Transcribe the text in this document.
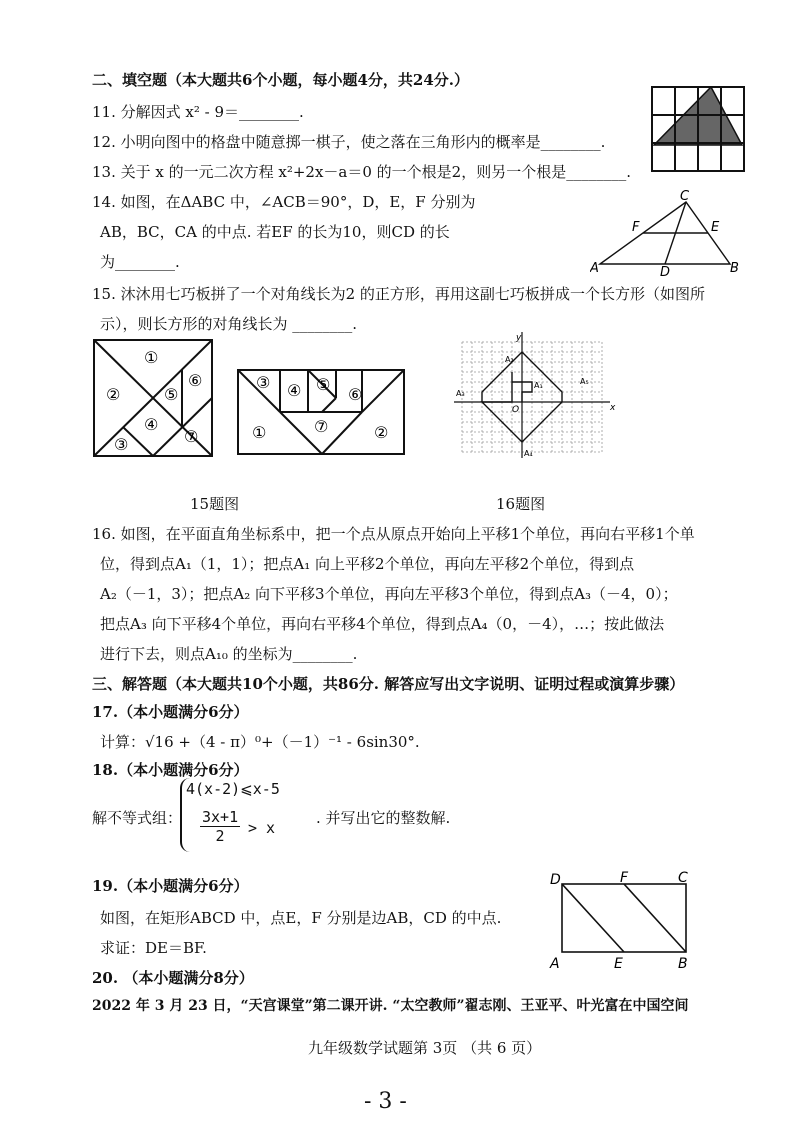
二、填空题（本大题共6个小题，每小题4分，共24分.）
11. 分解因式 x² - 9＝________.
12. 小明向图中的格盘中随意掷一棋子，使之落在三角形内的概率是________.
13. 关于 x 的一元二次方程 x²+2x－a＝0 的一个根是2，则另一个根是________.
14. 如图，在ΔABC 中，∠ACB＝90°，D，E，F 分别为
AB，BC，CA 的中点. 若EF 的长为10，则CD 的长
为________.
15. 沐沐用七巧板拼了一个对角线长为2 的正方形，再用这副七巧板拼成一个长方形（如图所
示），则长方形的对角线长为 ________.
A	B
C
D
E
F
①
②
③
④
⑤
⑥
⑦
③ ④ ⑤
⑥
①	⑦	②
x
y
O
A₁
A₂
A₃
A₄
A₅
15题图	16题图
16. 如图，在平面直角坐标系中，把一个点从原点开始向上平移1个单位，再向右平移1个单
位，得到点A₁（1，1）；把点A₁ 向上平移2个单位，再向左平移2个单位，得到点
A₂（－1，3）；把点A₂ 向下平移3个单位，再向左平移3个单位，得到点A₃（－4，0）；
把点A₃ 向下平移4个单位，再向右平移4个单位，得到点A₄（0，－4），…；按此做法
进行下去，则点A₁₀ 的坐标为________.
三、解答题（本大题共10个小题，共86分. 解答应写出文字说明、证明过程或演算步骤）
17.（本小题满分6分）
计算：√16 +（4 - π）⁰+（－1）⁻¹ - 6sin30°.
18.（本小题满分6分）
解不等式组：
4(x-2)⩽x-5
$\frac{3x+1}{2} > x$
. 并写出它的整数解.
19.（本小题满分6分）
如图，在矩形ABCD 中，点E，F 分别是边AB，CD 的中点.
求证：DE＝BF.
D	F	C
A	E	B
20. （本小题满分8分）
2022 年 3 月 23 日，“天宫课堂”第二课开讲. “太空教师”翟志刚、王亚平、叶光富在中国空间
九年级数学试题第 3页 （共 6 页）
- 3 -
